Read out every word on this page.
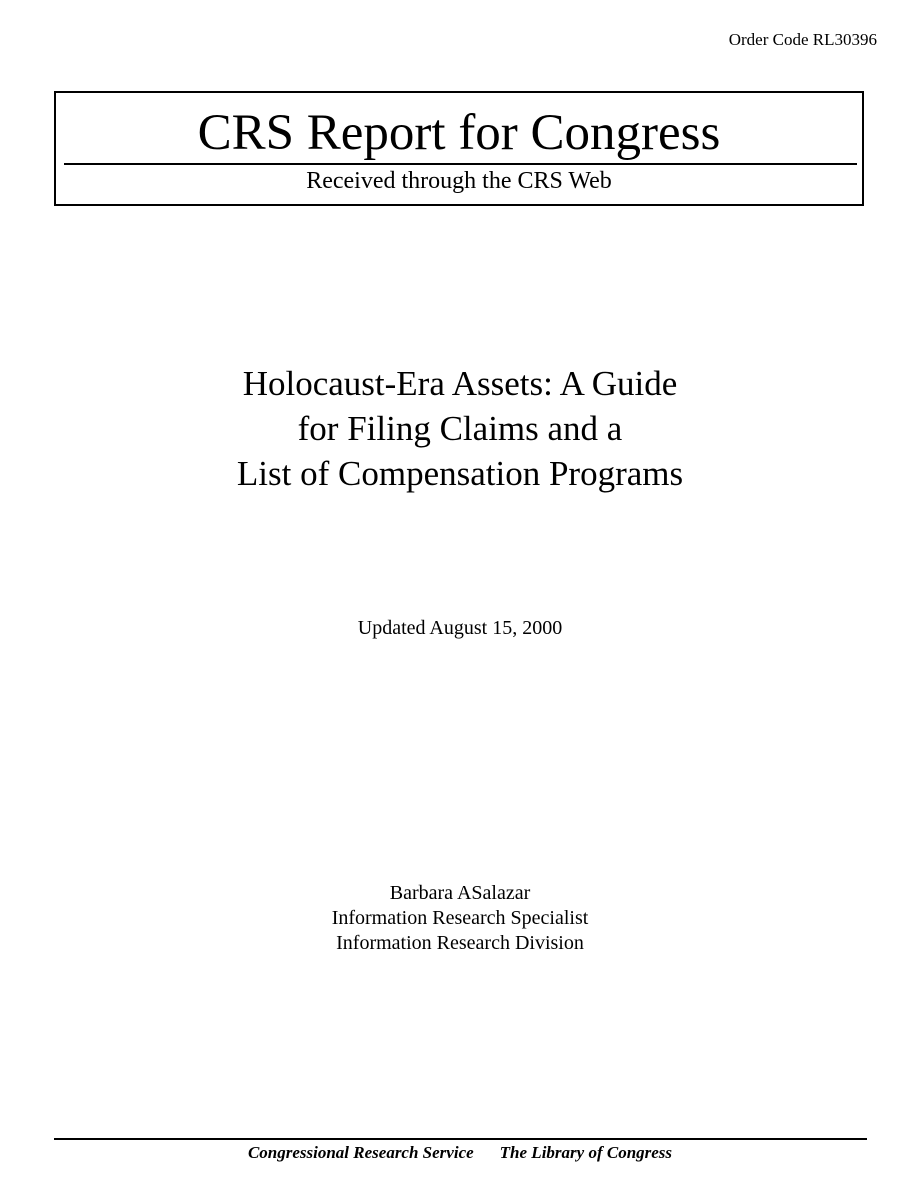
Order Code RL30396
CRS Report for Congress
Received through the CRS Web
Holocaust-Era Assets: A Guide
for Filing Claims and a
List of Compensation Programs
Updated August 15, 2000
Barbara ASalazar
Information Research Specialist
Information Research Division
Congressional Research Service The Library of Congress
